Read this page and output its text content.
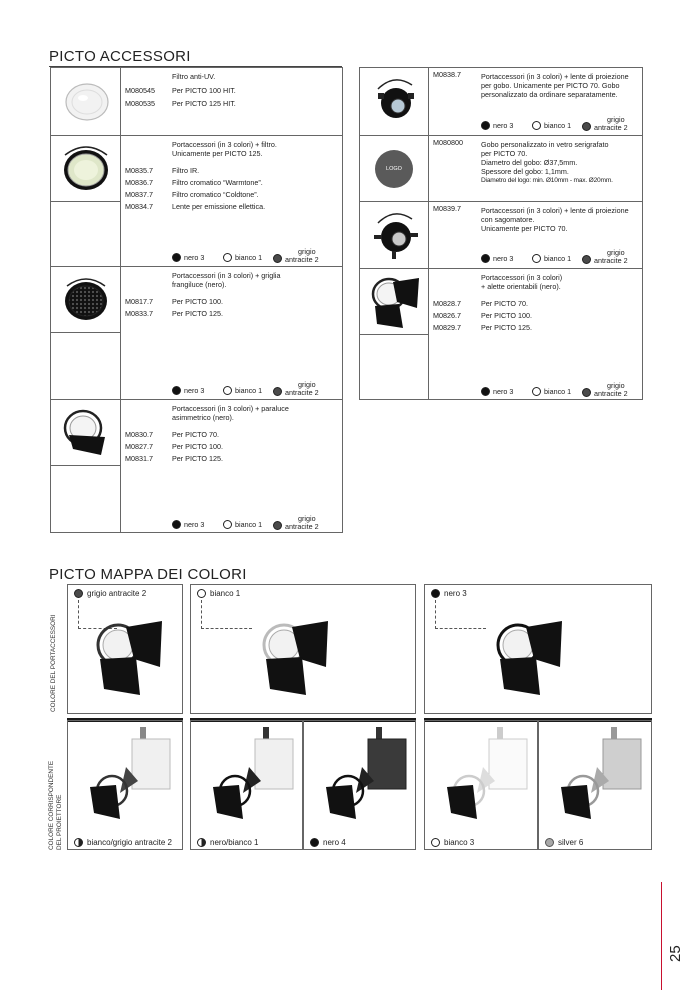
PICTO ACCESSORI
Filtro anti-UV.
M080545 Per PICTO 100 HIT.
M080535 Per PICTO 125 HIT.
Portaccessori (in 3 colori) + filtro.
Unicamente per PICTO 125.
M0835.7	Filtro IR.
M0836.7	Filtro cromatico “Warmtone”.
M0837.7	Filtro cromatico “Coldtone”.
M0834.7	Lente per emissione ellettica.
nero 3	bianco 1
grigio
antracite 2
Portaccessori (in 3 colori) + griglia
frangiluce (nero).
M0817.7	Per PICTO 100.
M0833.7	Per PICTO 125.
nero 3	bianco 1
grigio
antracite 2
Portaccessori (in 3 colori) + paraluce
asimmetrico (nero).
M0830.7	Per PICTO 70.
M0827.7	Per PICTO 100.
M0831.7	Per PICTO 125.
nero 3	bianco 1
grigio
antracite 2
M0838.7	Portaccessori (in 3 colori) + lente di proiezione
per gobo. Unicamente per PICTO 70. Gobo
personalizzato da ordinare separatamente.
nero 3	bianco 1
grigio
antracite 2
LOGO
M080800	Gobo personalizzato in vetro serigrafato
per PICTO 70.
Diametro del gobo: Ø37,5mm.
Spessore del gobo: 1,1mm.
Diametro del logo: min. Ø10mm - max. Ø20mm.
M0839.7	Portaccessori (in 3 colori) + lente di proiezione
con sagomatore.
Unicamente per PICTO 70.
nero 3	bianco 1
grigio
antracite 2
Portaccessori (in 3 colori)
+ alette orientabili (nero).
M0828.7	Per PICTO 70.
M0826.7	Per PICTO 100.
M0829.7	Per PICTO 125.
nero 3	bianco 1
grigio
antracite 2
PICTO MAPPA DEI COLORI
COLORE DEL PORTACCESSORI
COLORE CORRISPONDENTE DEL PROIETTORE
grigio antracite 2	bianco 1	nero 3
bianco/grigio antracite 2	nero/bianco 1	nero 4	bianco 3	silver 6
25
